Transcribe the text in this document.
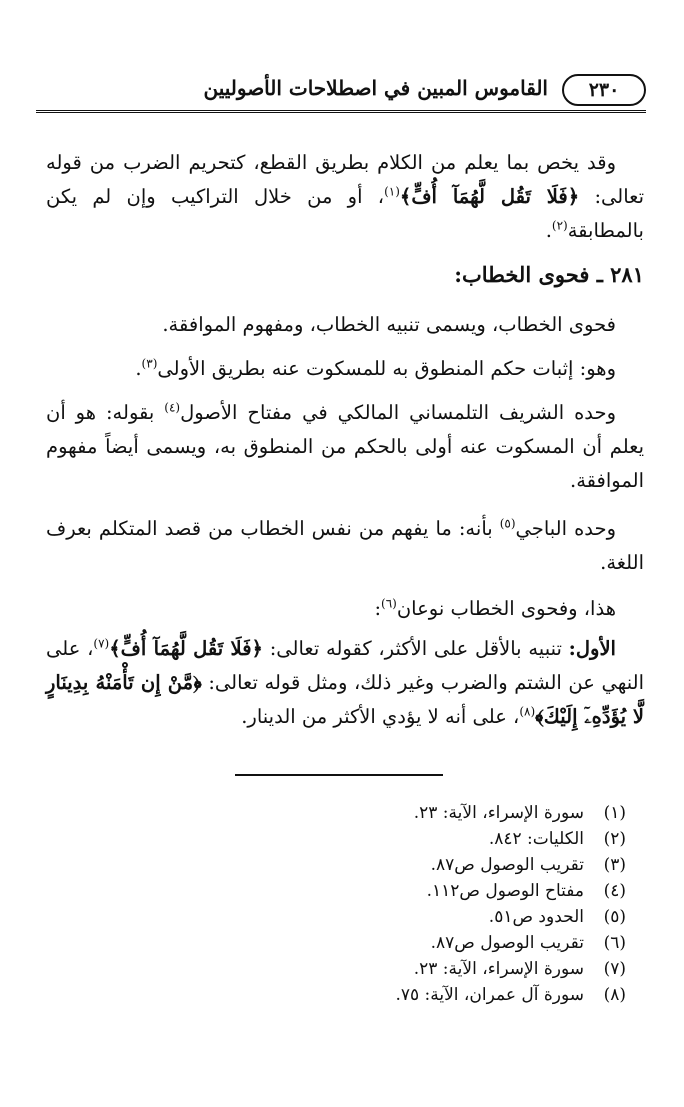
٢٣٠
القاموس المبين في اصطلاحات الأصوليين
وقد يخص بما يعلم من الكلام بطريق القطع، كتحريم الضرب من قوله تعالى: ﴿فَلَا تَقُل لَّهُمَآ أُفٍّ﴾$^{(١)}$، أو من خلال التراكيب وإن لم يكن بالمطابقة$^{(٢)}$.
٢٨١ ـ فحوى الخطاب:
فحوى الخطاب، ويسمى تنبيه الخطاب، ومفهوم الموافقة.
وهو: إثبات حكم المنطوق به للمسكوت عنه بطريق الأولى$^{(٣)}$.
وحده الشريف التلمساني المالكي في مفتاح الأصول$^{(٤)}$ بقوله: هو أن يعلم أن المسكوت عنه أولى بالحكم من المنطوق به، ويسمى أيضاً مفهوم الموافقة.
وحده الباجي$^{(٥)}$ بأنه: ما يفهم من نفس الخطاب من قصد المتكلم بعرف اللغة.
هذا، وفحوى الخطاب نوعان$^{(٦)}$:
الأول: تنبيه بالأقل على الأكثر، كقوله تعالى: ﴿فَلَا تَقُل لَّهُمَآ أُفٍّ﴾$^{(٧)}$، على النهي عن الشتم والضرب وغير ذلك، ومثل قوله تعالى: ﴿مَّنْ إِن تَأْمَنْهُ بِدِينَارٍ لَّا يُؤَدِّهِۦٓ إِلَيْكَ﴾$^{(٨)}$، على أنه لا يؤدي الأكثر من الدينار.
(١)سورة الإسراء، الآية: ٢٣.
(٢)الكليات: ٨٤٢.
(٣)تقريب الوصول ص٨٧.
(٤)مفتاح الوصول ص١١٢.
(٥)الحدود ص٥١.
(٦)تقريب الوصول ص٨٧.
(٧)سورة الإسراء، الآية: ٢٣.
(٨)سورة آل عمران، الآية: ٧٥.
